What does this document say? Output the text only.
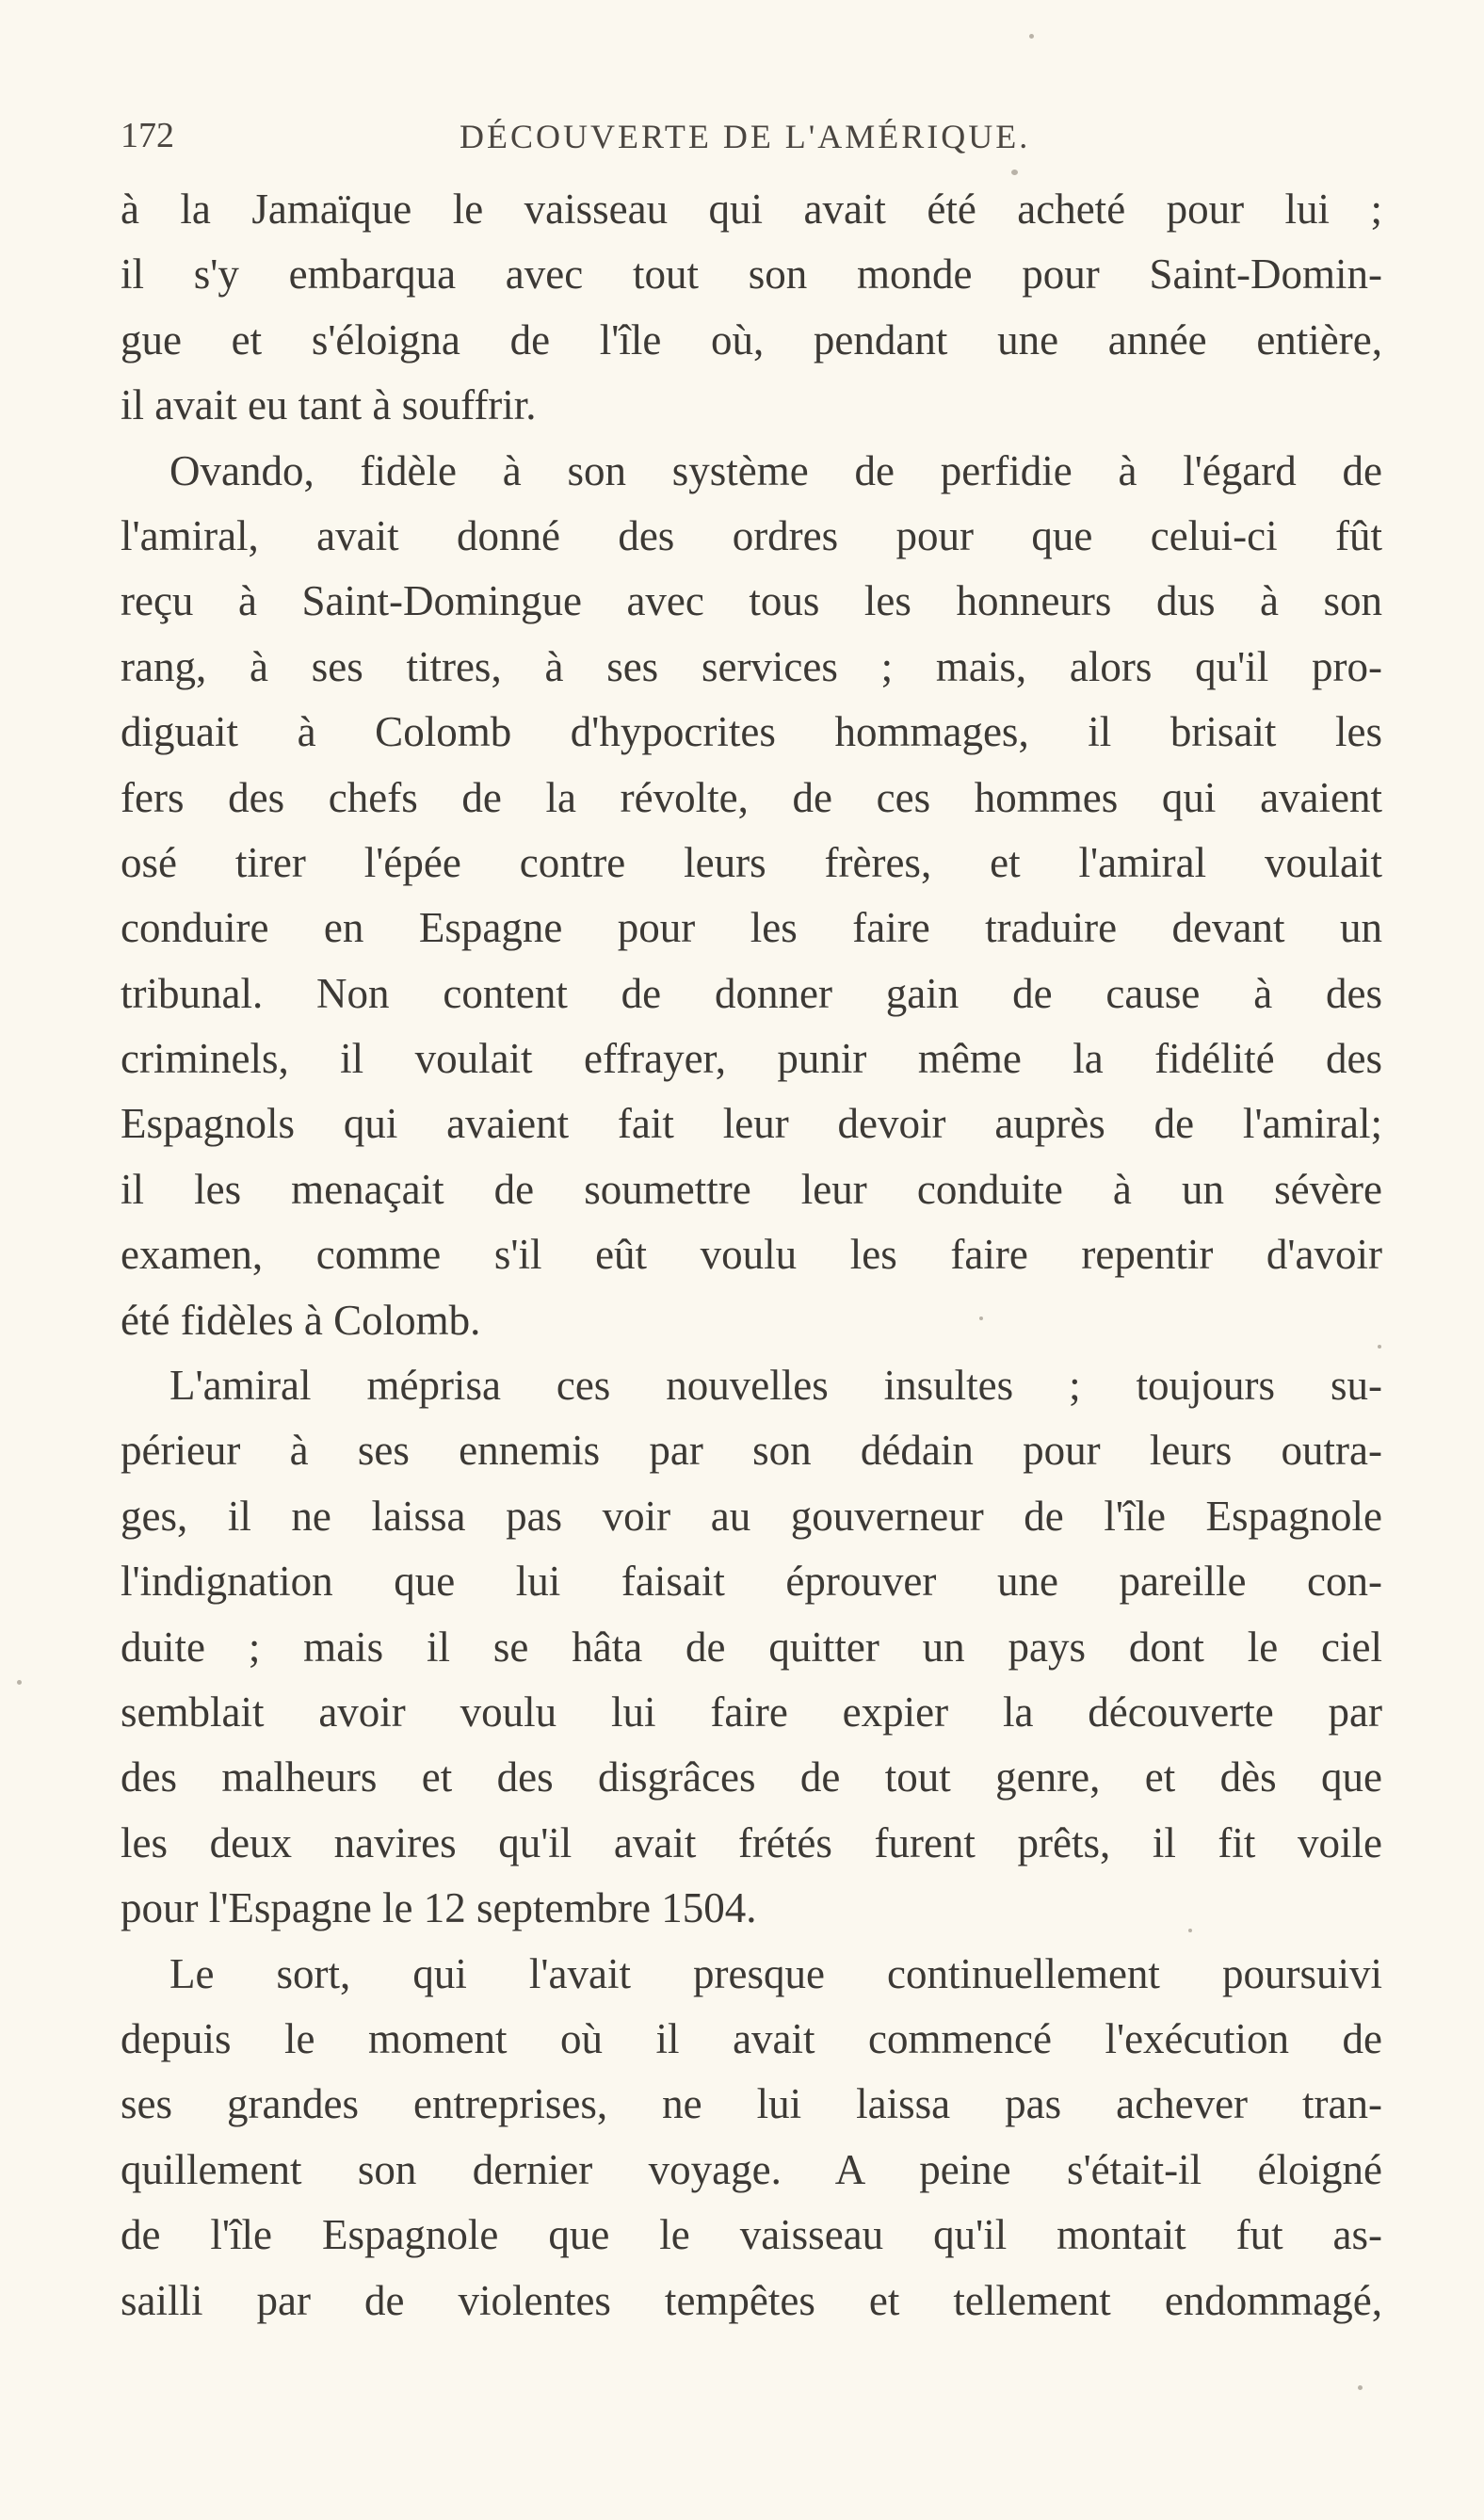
172	DÉCOUVERTE DE L'AMÉRIQUE.
à la Jamaïque le vaisseau qui avait été acheté pour lui ;
il s'y embarqua avec tout son monde pour Saint-Domin-
gue et s'éloigna de l'île où, pendant une année entière,
il avait eu tant à souffrir.
Ovando, fidèle à son système de perfidie à l'égard de
l'amiral, avait donné des ordres pour que celui-ci fût
reçu à Saint-Domingue avec tous les honneurs dus à son
rang, à ses titres, à ses services ; mais, alors qu'il pro-
diguait à Colomb d'hypocrites hommages, il brisait les
fers des chefs de la révolte, de ces hommes qui avaient
osé tirer l'épée contre leurs frères, et l'amiral voulait
conduire en Espagne pour les faire traduire devant un
tribunal. Non content de donner gain de cause à des
criminels, il voulait effrayer, punir même la fidélité des
Espagnols qui avaient fait leur devoir auprès de l'amiral;
il les menaçait de soumettre leur conduite à un sévère
examen, comme s'il eût voulu les faire repentir d'avoir
été fidèles à Colomb.
L'amiral méprisa ces nouvelles insultes ; toujours su-
périeur à ses ennemis par son dédain pour leurs outra-
ges, il ne laissa pas voir au gouverneur de l'île Espagnole
l'indignation que lui faisait éprouver une pareille con-
duite ; mais il se hâta de quitter un pays dont le ciel
semblait avoir voulu lui faire expier la découverte par
des malheurs et des disgrâces de tout genre, et dès que
les deux navires qu'il avait frétés furent prêts, il fit voile
pour l'Espagne le 12 septembre 1504.
Le sort, qui l'avait presque continuellement poursuivi
depuis le moment où il avait commencé l'exécution de
ses grandes entreprises, ne lui laissa pas achever tran-
quillement son dernier voyage. A peine s'était-il éloigné
de l'île Espagnole que le vaisseau qu'il montait fut as-
sailli par de violentes tempêtes et tellement endommagé,
